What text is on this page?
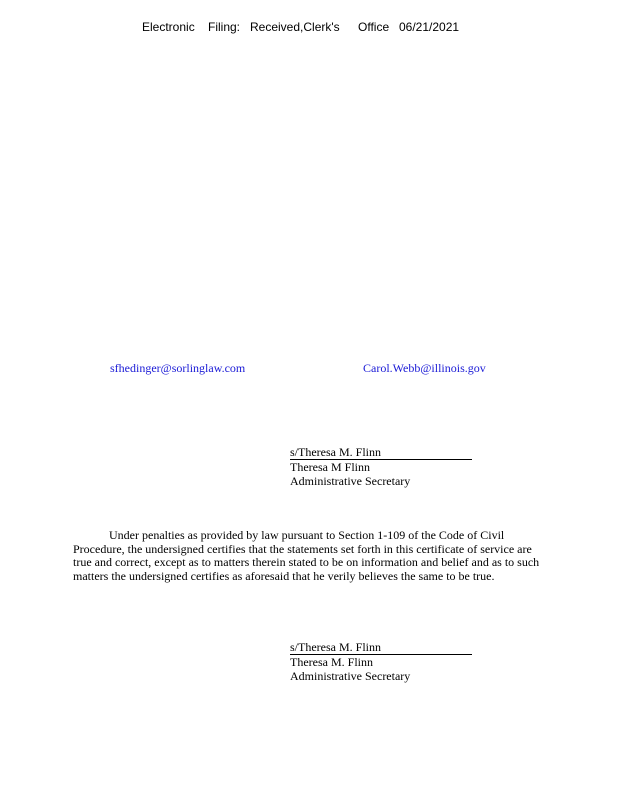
Electronic Filing: Received,Clerk's Office 06/21/2021
sfhedinger@sorlinglaw.com	Carol.Webb@illinois.gov
s/Theresa M. Flinn
Theresa M Flinn
Administrative Secretary

Under penalties as provided by law pursuant to Section 1-109 of the Code of Civil

Procedure, the undersigned certifies that the statements set forth in this certificate of service are

true and correct, except as to matters therein stated to be on information and belief and as to such

matters the undersigned certifies as aforesaid that he verily believes the same to be true.

s/Theresa M. Flinn
Theresa M. Flinn
Administrative Secretary
